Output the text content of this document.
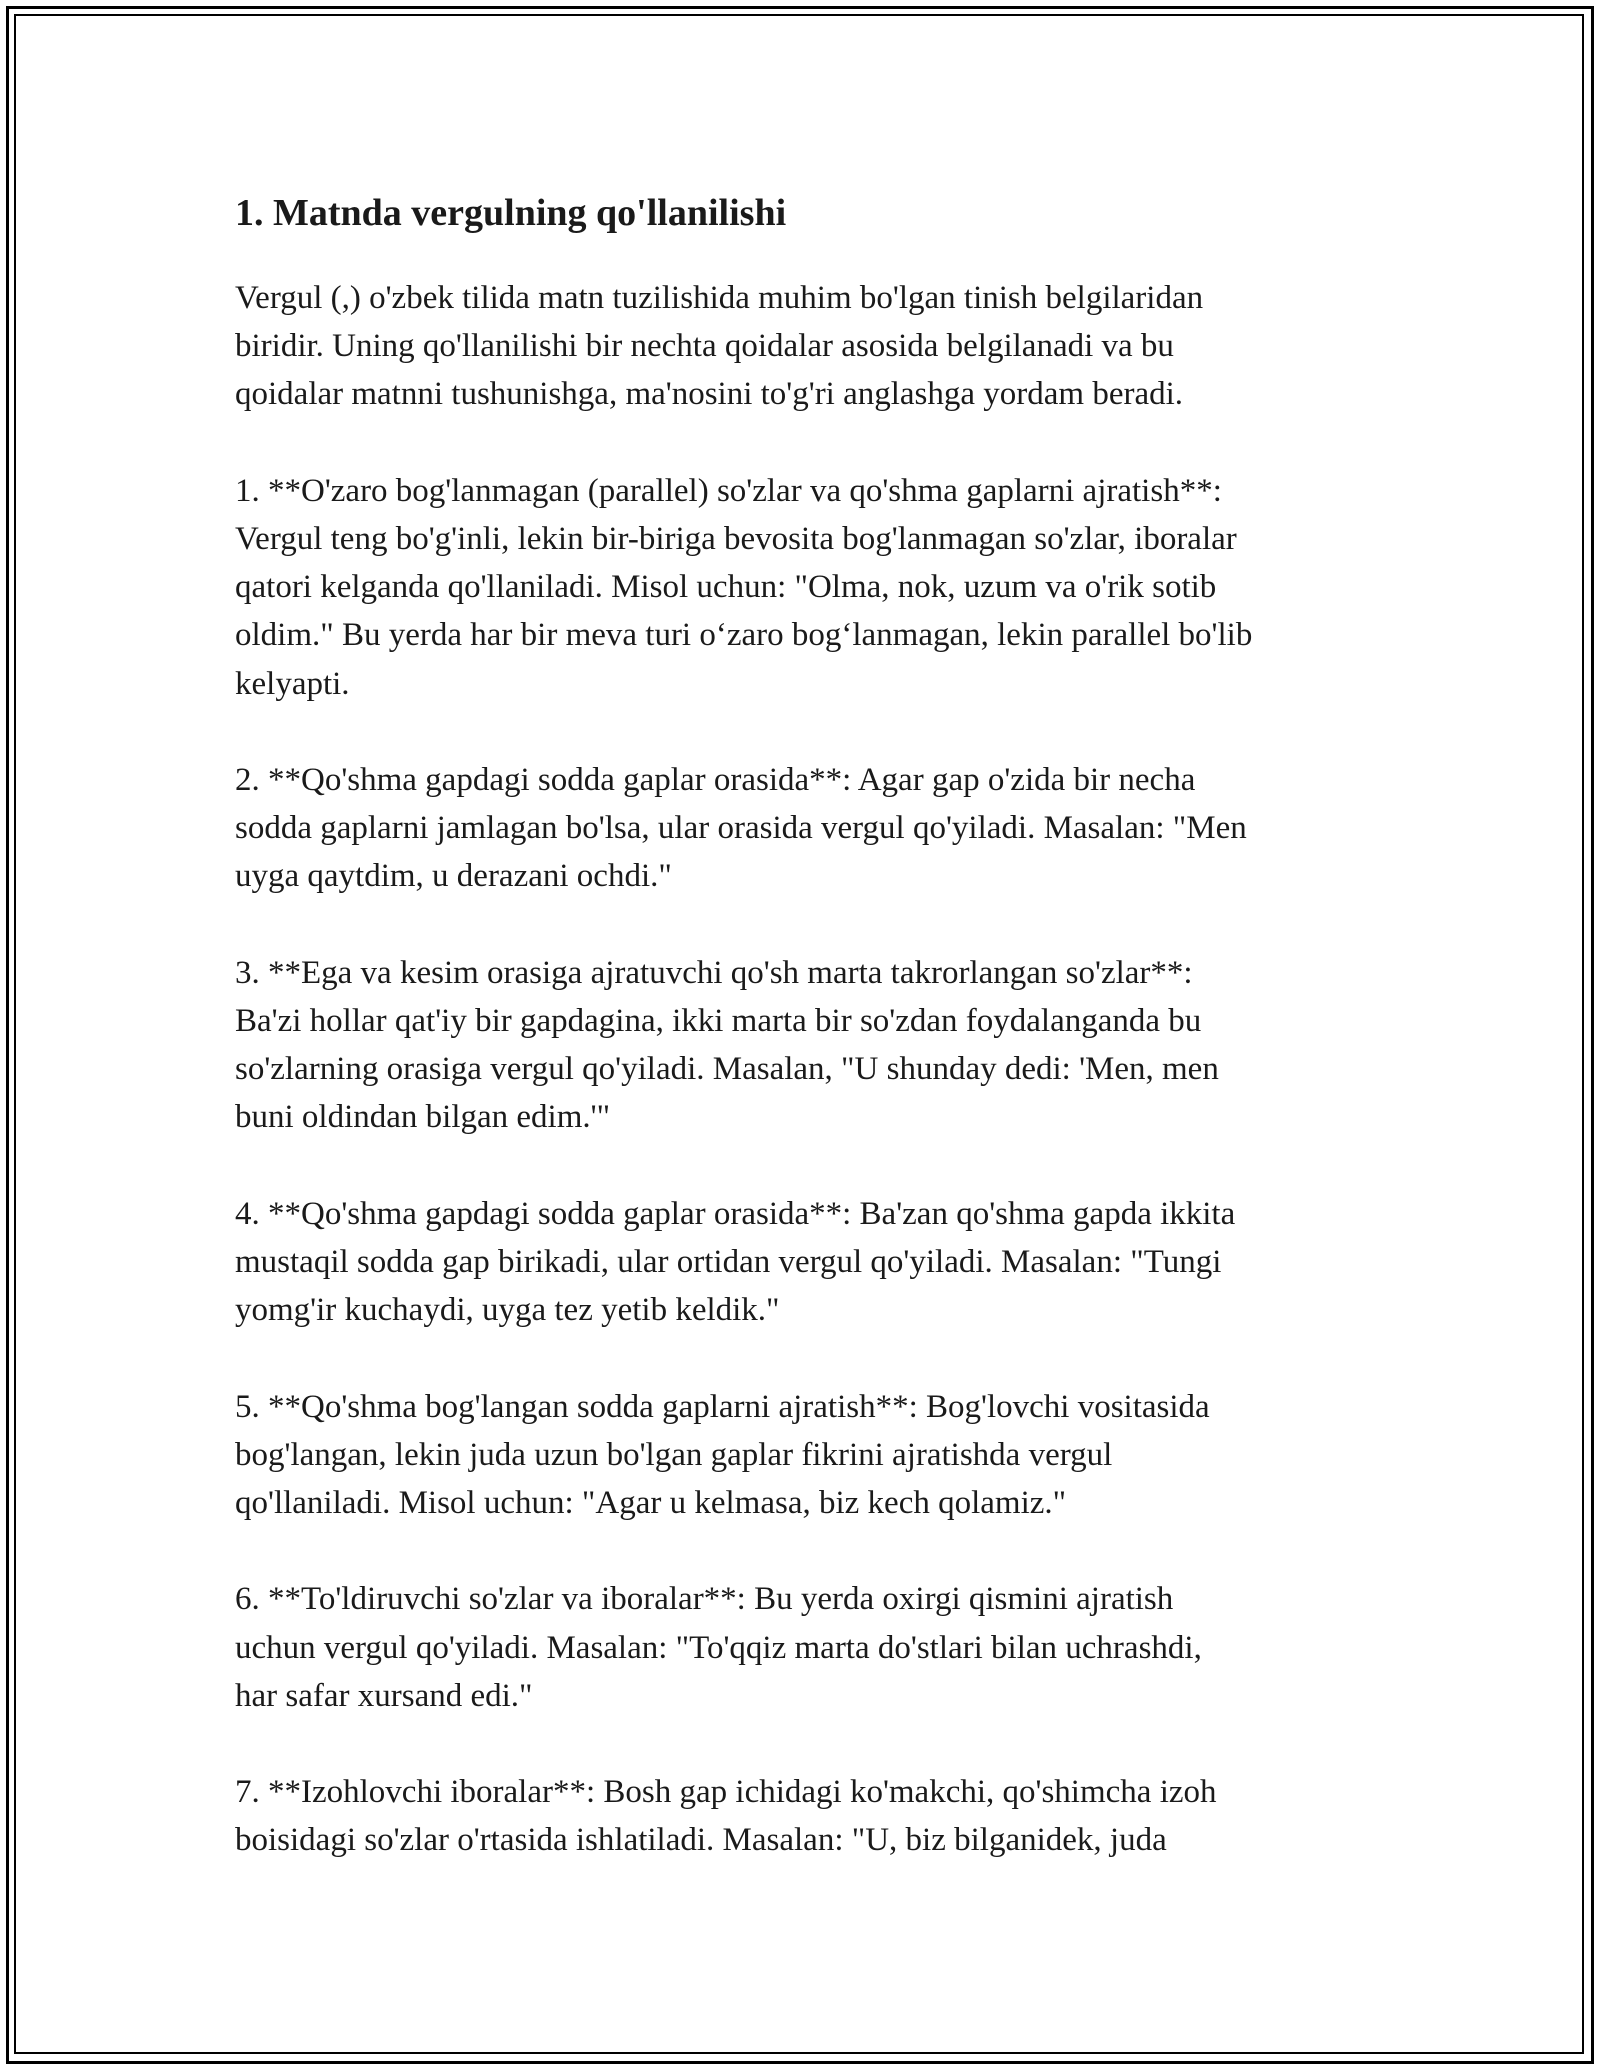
1. Matnda vergulning qo'llanilishi

Vergul (,) o'zbek tilida matn tuzilishida muhim bo'lgan tinish belgilaridan
biridir. Uning qo'llanilishi bir nechta qoidalar asosida belgilanadi va bu
qoidalar matnni tushunishga, ma'nosini to'g'ri anglashga yordam beradi.

1. **O'zaro bog'lanmagan (parallel) so'zlar va qo'shma gaplarni ajratish**:
Vergul teng bo'g'inli, lekin bir-biriga bevosita bog'lanmagan so'zlar, iboralar
qatori kelganda qo'llaniladi. Misol uchun: "Olma, nok, uzum va o'rik sotib
oldim." Bu yerda har bir meva turi o‘zaro bog‘lanmagan, lekin parallel bo'lib
kelyapti.

2. **Qo'shma gapdagi sodda gaplar orasida**: Agar gap o'zida bir necha
sodda gaplarni jamlagan bo'lsa, ular orasida vergul qo'yiladi. Masalan: "Men
uyga qaytdim, u derazani ochdi."

3. **Ega va kesim orasiga ajratuvchi qo'sh marta takrorlangan so'zlar**:
Ba'zi hollar qat'iy bir gapdagina, ikki marta bir so'zdan foydalanganda bu
so'zlarning orasiga vergul qo'yiladi. Masalan, "U shunday dedi: 'Men, men
buni oldindan bilgan edim.'"

4. **Qo'shma gapdagi sodda gaplar orasida**: Ba'zan qo'shma gapda ikkita
mustaqil sodda gap birikadi, ular ortidan vergul qo'yiladi. Masalan: "Tungi
yomg'ir kuchaydi, uyga tez yetib keldik."

5. **Qo'shma bog'langan sodda gaplarni ajratish**: Bog'lovchi vositasida
bog'langan, lekin juda uzun bo'lgan gaplar fikrini ajratishda vergul
qo'llaniladi. Misol uchun: "Agar u kelmasa, biz kech qolamiz."

6. **To'ldiruvchi so'zlar va iboralar**: Bu yerda oxirgi qismini ajratish
uchun vergul qo'yiladi. Masalan: "To'qqiz marta do'stlari bilan uchrashdi,
har safar xursand edi."

7. **Izohlovchi iboralar**: Bosh gap ichidagi ko'makchi, qo'shimcha izoh
boisidagi so'zlar o'rtasida ishlatiladi. Masalan: "U, biz bilganidek, juda
